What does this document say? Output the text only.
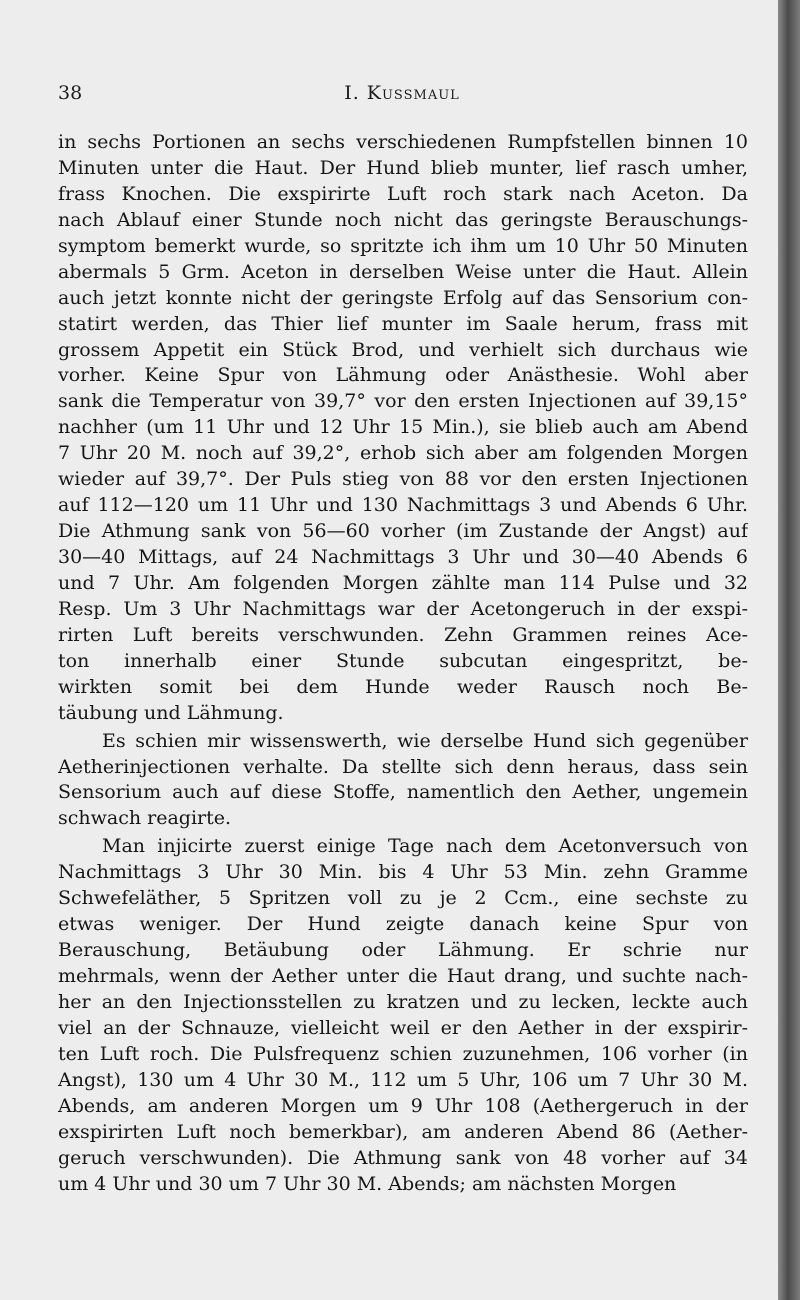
38	I. Kussmaul
in sechs Portionen an sechs verschiedenen Rumpfstellen binnen 10
Minuten unter die Haut. Der Hund blieb munter, lief rasch umher,
frass Knochen. Die exspirirte Luft roch stark nach Aceton. Da
nach Ablauf einer Stunde noch nicht das geringste Berauschungs-
symptom bemerkt wurde, so spritzte ich ihm um 10 Uhr 50 Minuten
abermals 5 Grm. Aceton in derselben Weise unter die Haut. Allein
auch jetzt konnte nicht der geringste Erfolg auf das Sensorium con-
statirt werden, das Thier lief munter im Saale herum, frass mit
grossem Appetit ein Stück Brod, und verhielt sich durchaus wie
vorher. Keine Spur von Lähmung oder Anästhesie. Wohl aber
sank die Temperatur von 39,7° vor den ersten Injectionen auf 39,15°
nachher (um 11 Uhr und 12 Uhr 15 Min.), sie blieb auch am Abend
7 Uhr 20 M. noch auf 39,2°, erhob sich aber am folgenden Morgen
wieder auf 39,7°. Der Puls stieg von 88 vor den ersten Injectionen
auf 112—120 um 11 Uhr und 130 Nachmittags 3 und Abends 6 Uhr.
Die Athmung sank von 56—60 vorher (im Zustande der Angst) auf
30—40 Mittags, auf 24 Nachmittags 3 Uhr und 30—40 Abends 6
und 7 Uhr. Am folgenden Morgen zählte man 114 Pulse und 32
Resp. Um 3 Uhr Nachmittags war der Acetongeruch in der exspi-
rirten Luft bereits verschwunden. Zehn Grammen reines Ace-
ton innerhalb einer Stunde subcutan eingespritzt, be-
wirkten somit bei dem Hunde weder Rausch noch Be-
täubung und Lähmung.
Es schien mir wissenswerth, wie derselbe Hund sich gegenüber
Aetherinjectionen verhalte. Da stellte sich denn heraus, dass sein
Sensorium auch auf diese Stoffe, namentlich den Aether, ungemein
schwach reagirte.
Man injicirte zuerst einige Tage nach dem Acetonversuch von
Nachmittags 3 Uhr 30 Min. bis 4 Uhr 53 Min. zehn Gramme
Schwefeläther, 5 Spritzen voll zu je 2 Ccm., eine sechste zu
etwas weniger. Der Hund zeigte danach keine Spur von
Berauschung, Betäubung oder Lähmung. Er schrie nur
mehrmals, wenn der Aether unter die Haut drang, und suchte nach-
her an den Injectionsstellen zu kratzen und zu lecken, leckte auch
viel an der Schnauze, vielleicht weil er den Aether in der exspirir-
ten Luft roch. Die Pulsfrequenz schien zuzunehmen, 106 vorher (in
Angst), 130 um 4 Uhr 30 M., 112 um 5 Uhr, 106 um 7 Uhr 30 M.
Abends, am anderen Morgen um 9 Uhr 108 (Aethergeruch in der
exspirirten Luft noch bemerkbar), am anderen Abend 86 (Aether-
geruch verschwunden). Die Athmung sank von 48 vorher auf 34
um 4 Uhr und 30 um 7 Uhr 30 M. Abends; am nächsten Morgen
